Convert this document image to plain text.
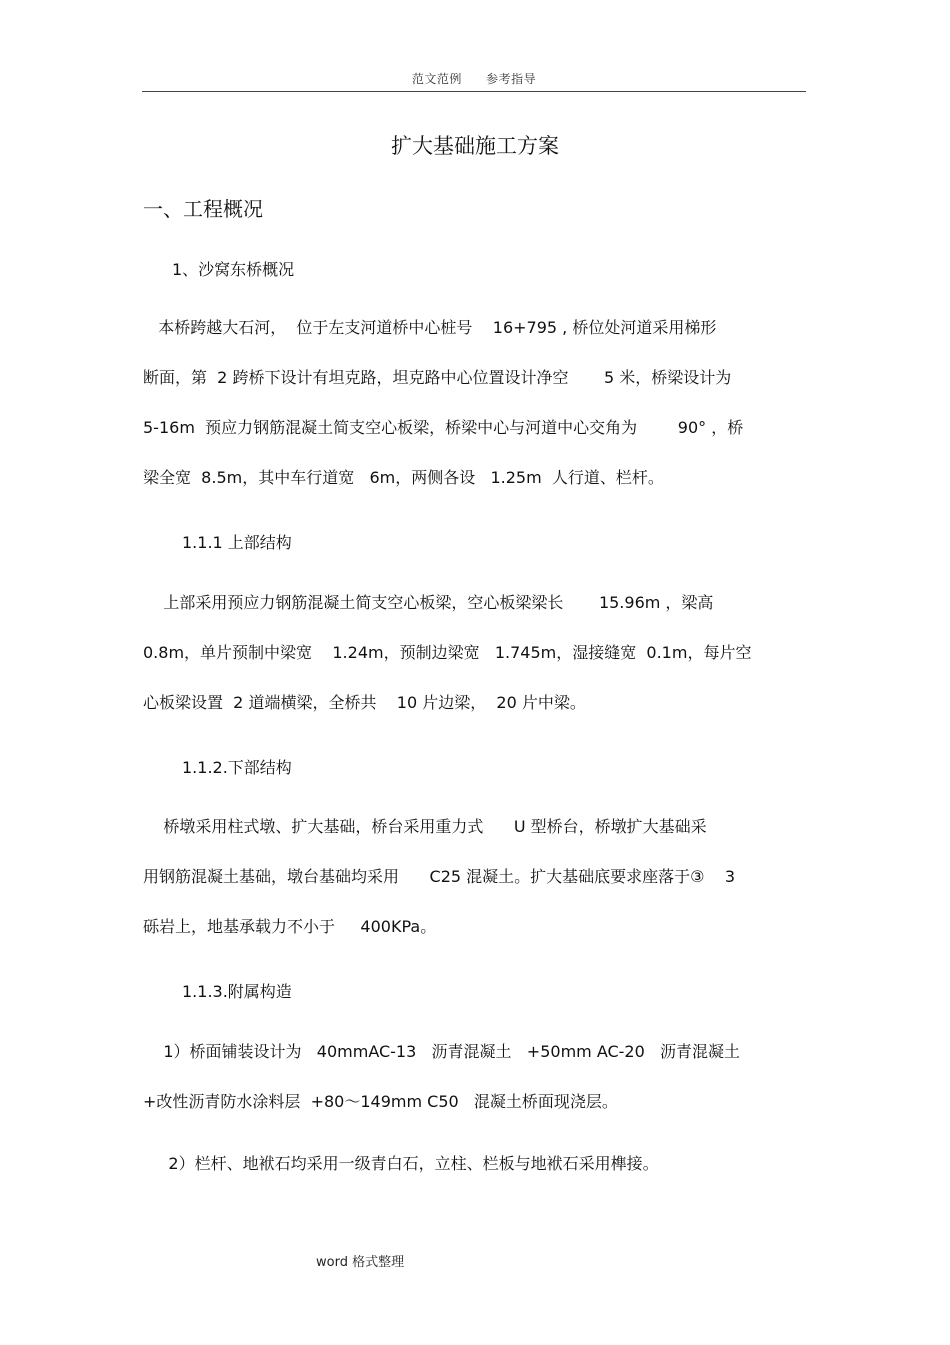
范文范例 参考指导
扩大基础施工方案
一、工程概况
1、沙窝东桥概况
本桥跨越大石河，  位于左支河道桥中心桩号    16+795 , 桥位处河道采用梯形
断面，第  2 跨桥下设计有坦克路，坦克路中心位置设计净空       5 米，桥梁设计为
5-16m  预应力钢筋混凝土简支空心板梁，桥梁中心与河道中心交角为        90° ，桥
梁全宽  8.5m，其中车行道宽   6m，两侧各设   1.25m  人行道、栏杆。
1.1.1 上部结构
上部采用预应力钢筋混凝土简支空心板梁，空心板梁梁长       15.96m ，梁高
0.8m，单片预制中梁宽    1.24m，预制边梁宽   1.745m，湿接缝宽  0.1m，每片空
心板梁设置  2 道端横梁，全桥共    10 片边梁，  20 片中梁。
1.1.2.下部结构
桥墩采用柱式墩、扩大基础，桥台采用重力式      U 型桥台，桥墩扩大基础采
用钢筋混凝土基础，墩台基础均采用      C25 混凝土。扩大基础底要求座落于③    3
砾岩上，地基承载力不小于     400KPa。
1.1.3.附属构造
1）桥面铺装设计为   40mmAC-13   沥青混凝土   +50mm AC-20   沥青混凝土
+改性沥青防水涂料层  +80～149mm C50   混凝土桥面现浇层。
2）栏杆、地袱石均采用一级青白石，立柱、栏板与地袱石采用榫接。
word 格式整理
